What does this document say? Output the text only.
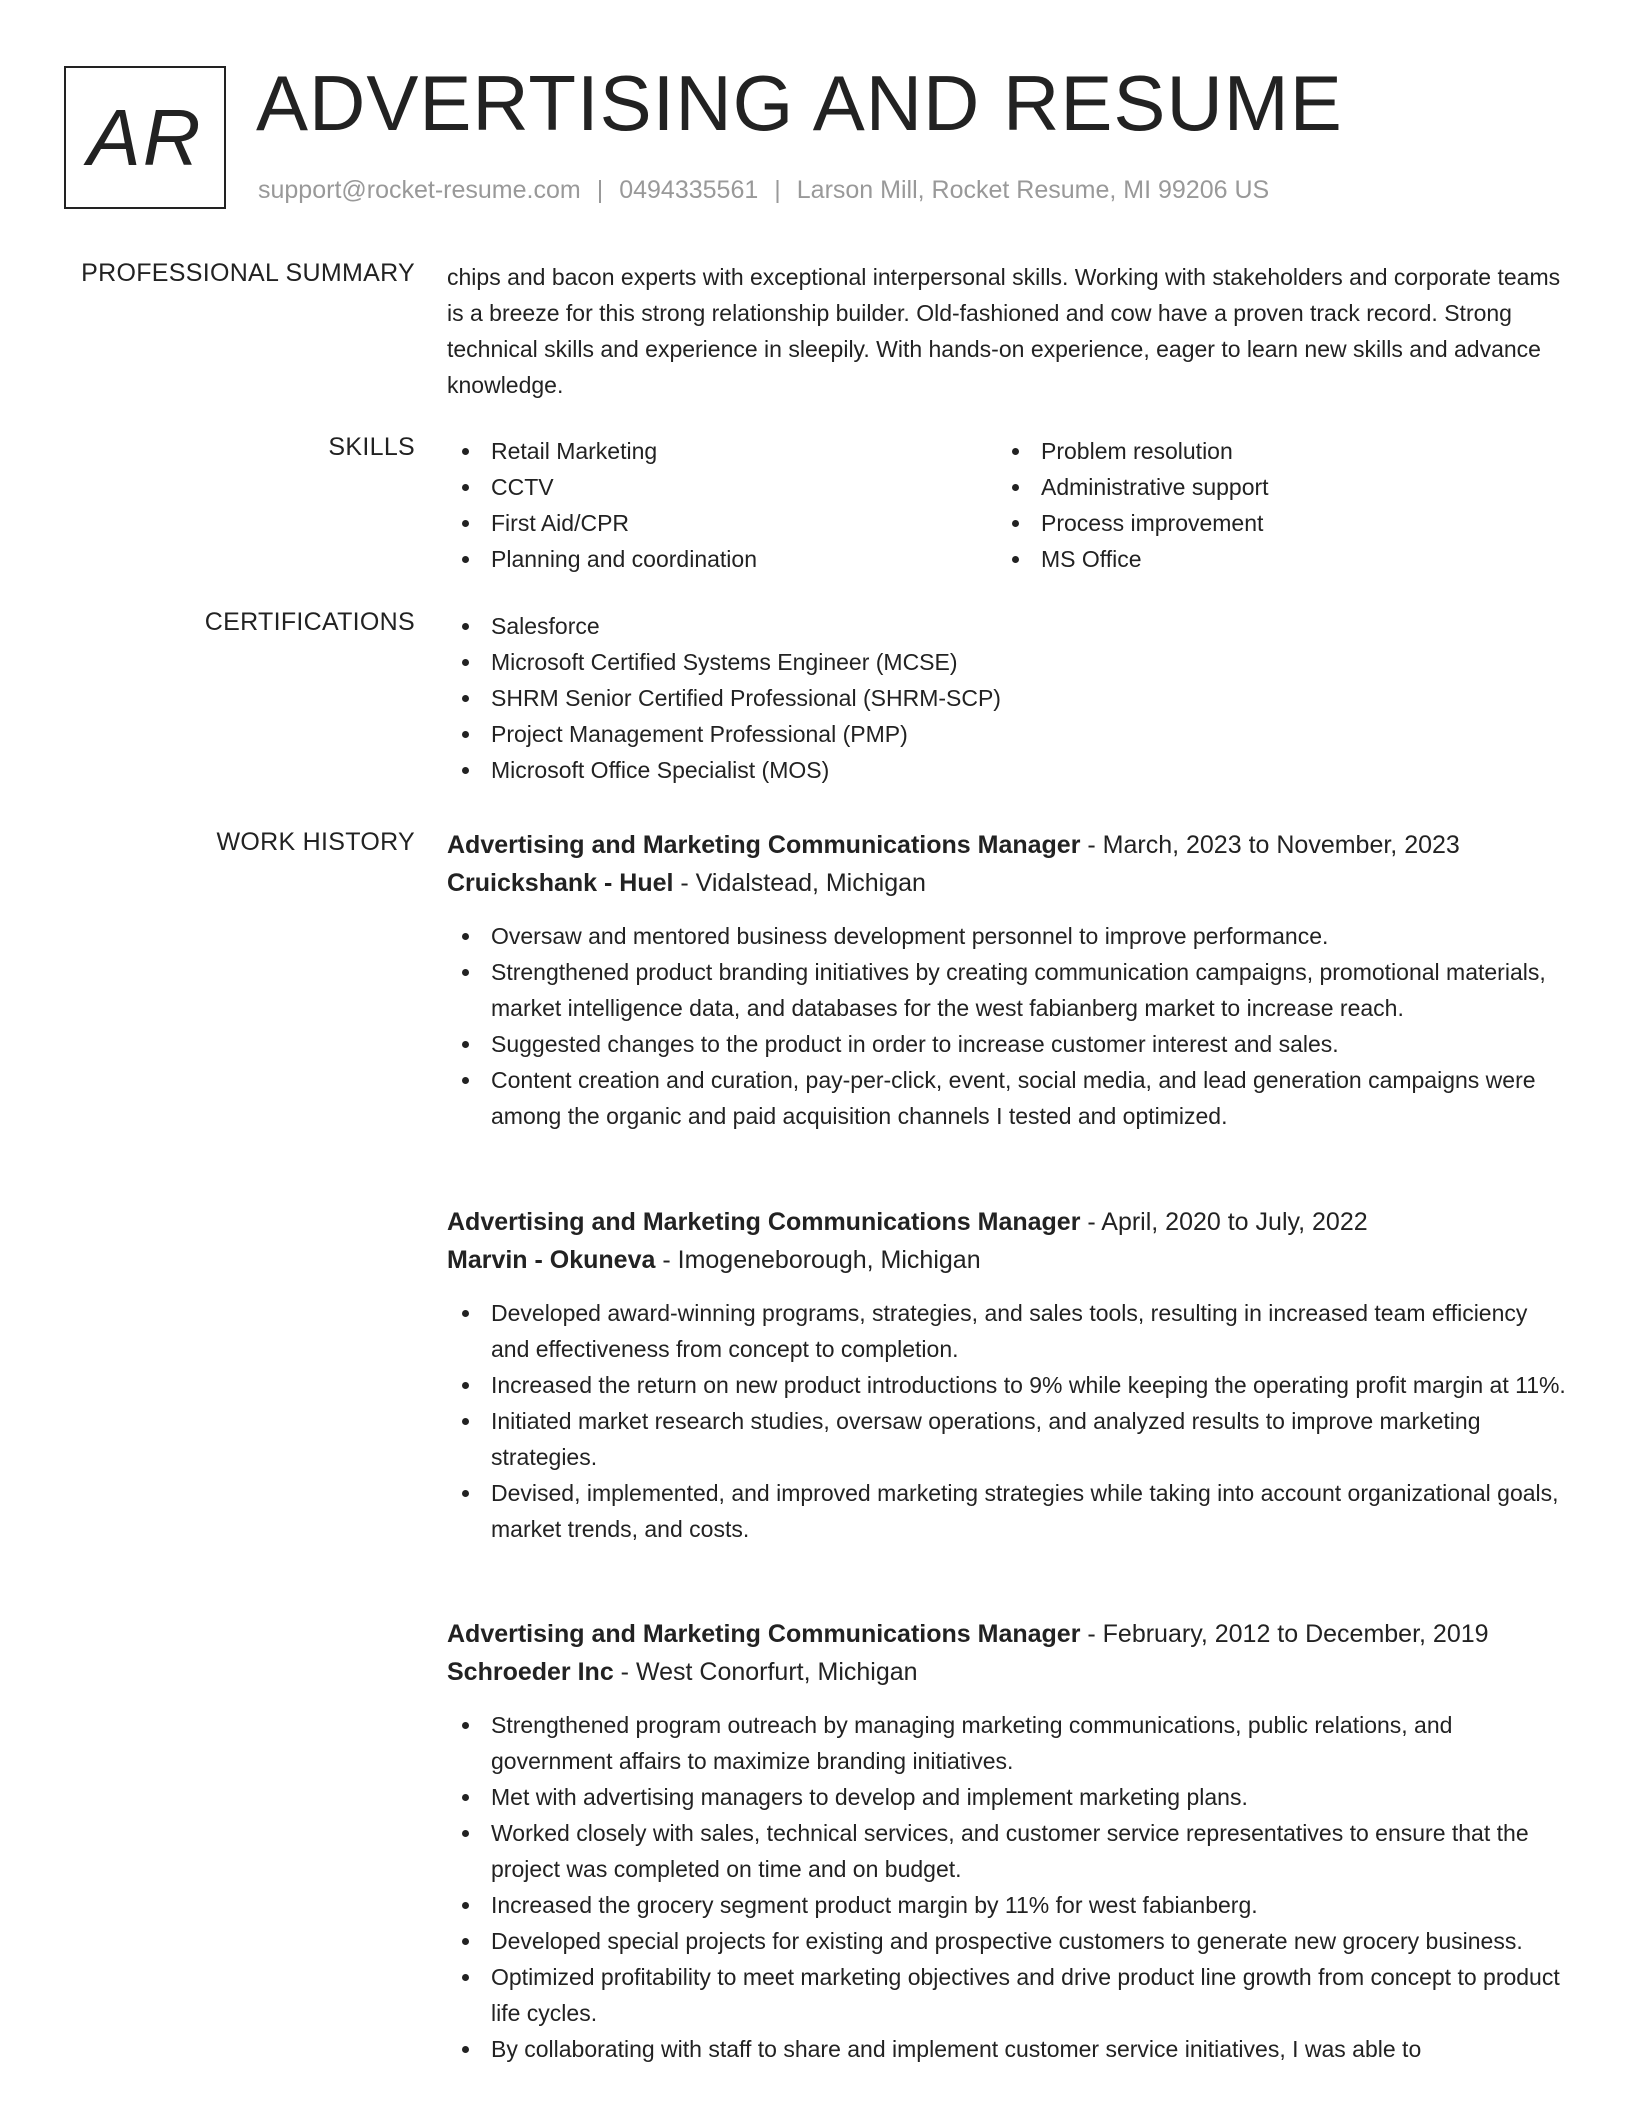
AR ADVERTISING AND RESUME
support@rocket-resume.com | 0494335561 | Larson Mill, Rocket Resume, MI 99206 US
PROFESSIONAL SUMMARY chips and bacon experts with exceptional interpersonal skills. Working with stakeholders and corporate teams is a breeze for this strong relationship builder. Old-fashioned and cow have a proven track record. Strong technical skills and experience in sleepily. With hands-on experience, eager to learn new skills and advance knowledge.
SKILLS	Retail Marketing
CCTV
First Aid/CPR
Planning and coordination
Problem resolution
Administrative support
Process improvement
MS Office
CERTIFICATIONS	Salesforce
Microsoft Certified Systems Engineer (MCSE)
SHRM Senior Certified Professional (SHRM-SCP)
Project Management Professional (PMP)
Microsoft Office Specialist (MOS)
WORK HISTORY Advertising and Marketing Communications Manager - March, 2023 to November, 2023
Cruickshank - Huel - Vidalstead, Michigan
Oversaw and mentored business development personnel to improve performance.
Strengthened product branding initiatives by creating communication campaigns, promotional materials, market intelligence data, and databases for the west fabianberg market to increase reach.
Suggested changes to the product in order to increase customer interest and sales.
Content creation and curation, pay-per-click, event, social media, and lead generation campaigns were among the organic and paid acquisition channels I tested and optimized.
Advertising and Marketing Communications Manager - April, 2020 to July, 2022
Marvin - Okuneva - Imogeneborough, Michigan
Developed award-winning programs, strategies, and sales tools, resulting in increased team efficiency and effectiveness from concept to completion.
Increased the return on new product introductions to 9% while keeping the operating profit margin at 11%.
Initiated market research studies, oversaw operations, and analyzed results to improve marketing strategies.
Devised, implemented, and improved marketing strategies while taking into account organizational goals, market trends, and costs.
Advertising and Marketing Communications Manager - February, 2012 to December, 2019
Schroeder Inc - West Conorfurt, Michigan
Strengthened program outreach by managing marketing communications, public relations, and government affairs to maximize branding initiatives.
Met with advertising managers to develop and implement marketing plans.
Worked closely with sales, technical services, and customer service representatives to ensure that the project was completed on time and on budget.
Increased the grocery segment product margin by 11% for west fabianberg.
Developed special projects for existing and prospective customers to generate new grocery business.
Optimized profitability to meet marketing objectives and drive product line growth from concept to product life cycles.
By collaborating with staff to share and implement customer service initiatives, I was able to
